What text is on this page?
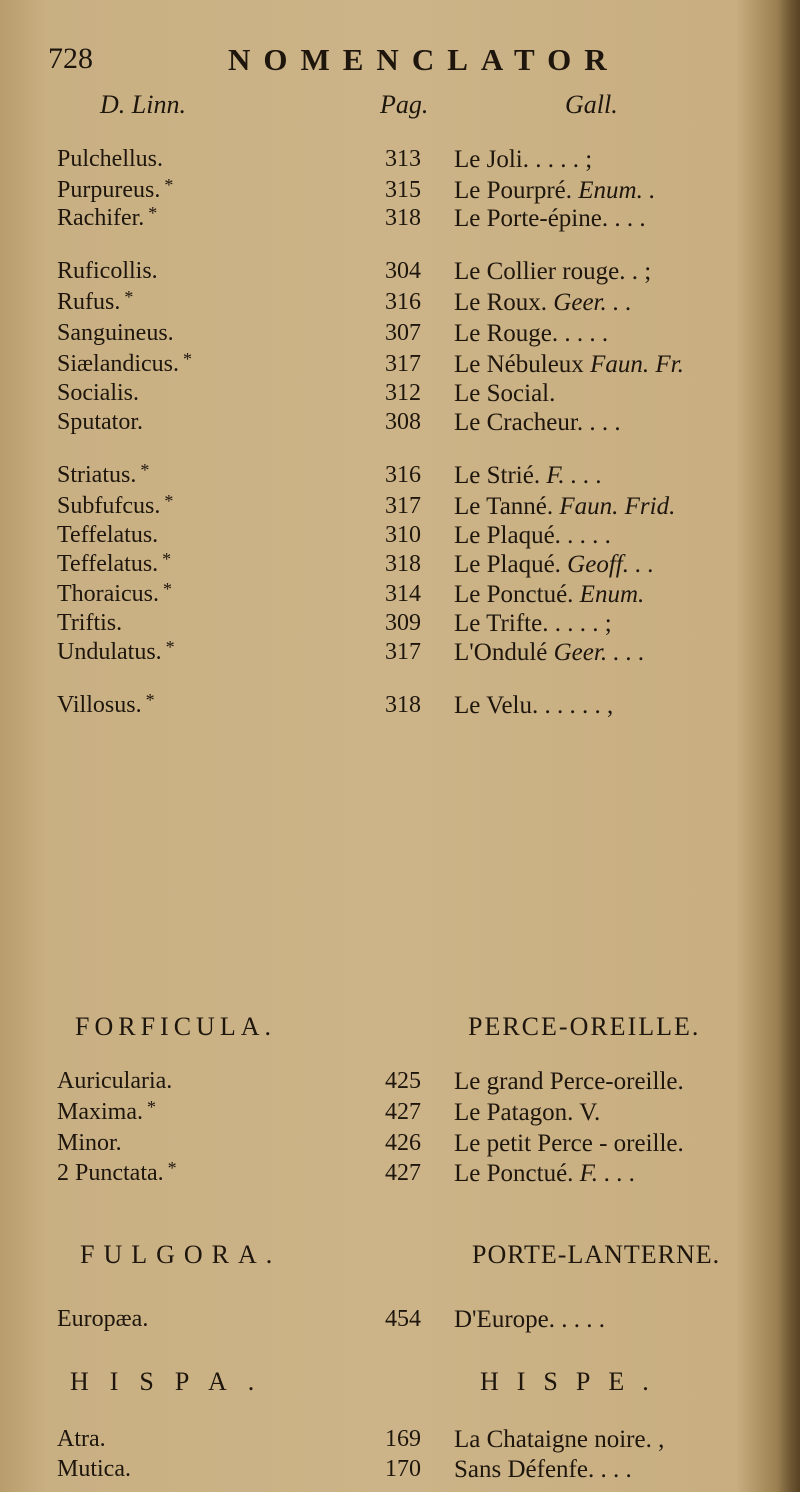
728	NOMENCLATOR
D. Linn.	Pag.	Gall.
Pulchellus.	313 Le Joli. . . . . ;
Purpureus. *	315 Le Pourpré. Enum. .
Rachifer. *	318 Le Porte-épine. . . .
Ruficollis.	304 Le Collier rouge. . ;
Rufus. *	316 Le Roux. Geer. . .
Sanguineus.	307 Le Rouge. . . . .
Siælandicus. *	317 Le Nébuleux Faun. Fr.
Socialis.	312 Le Social.
Sputator.	308 Le Cracheur. . . .
Striatus. *	316 Le Strié. F. . . .
Subfufcus. *	317 Le Tanné. Faun. Frid.
Teffelatus.	310 Le Plaqué. . . . .
Teffelatus. *	318 Le Plaqué. Geoff. . .
Thoraicus. *	314 Le Ponctué. Enum.
Triftis.	309 Le Trifte. . . . . ;
Undulatus. *	317 L'Ondulé Geer. . . .
Villosus. *	318 Le Velu. . . . . . ,
FORFICULA.	PERCE-OREILLE.
Auricularia.	425 Le grand Perce-oreille.
Maxima. *	427 Le Patagon. V.
Minor.	426 Le petit Perce - oreille.
2 Punctata. *	427 Le Ponctué. F. . . .
FULGORA.	PORTE-LANTERNE.
Europæa.	454 D'Europe. . . . .
HISPA.	HISPE.
Atra.	169 La Chataigne noire. ,
Mutica.	170 Sans Défenfe. . . .
